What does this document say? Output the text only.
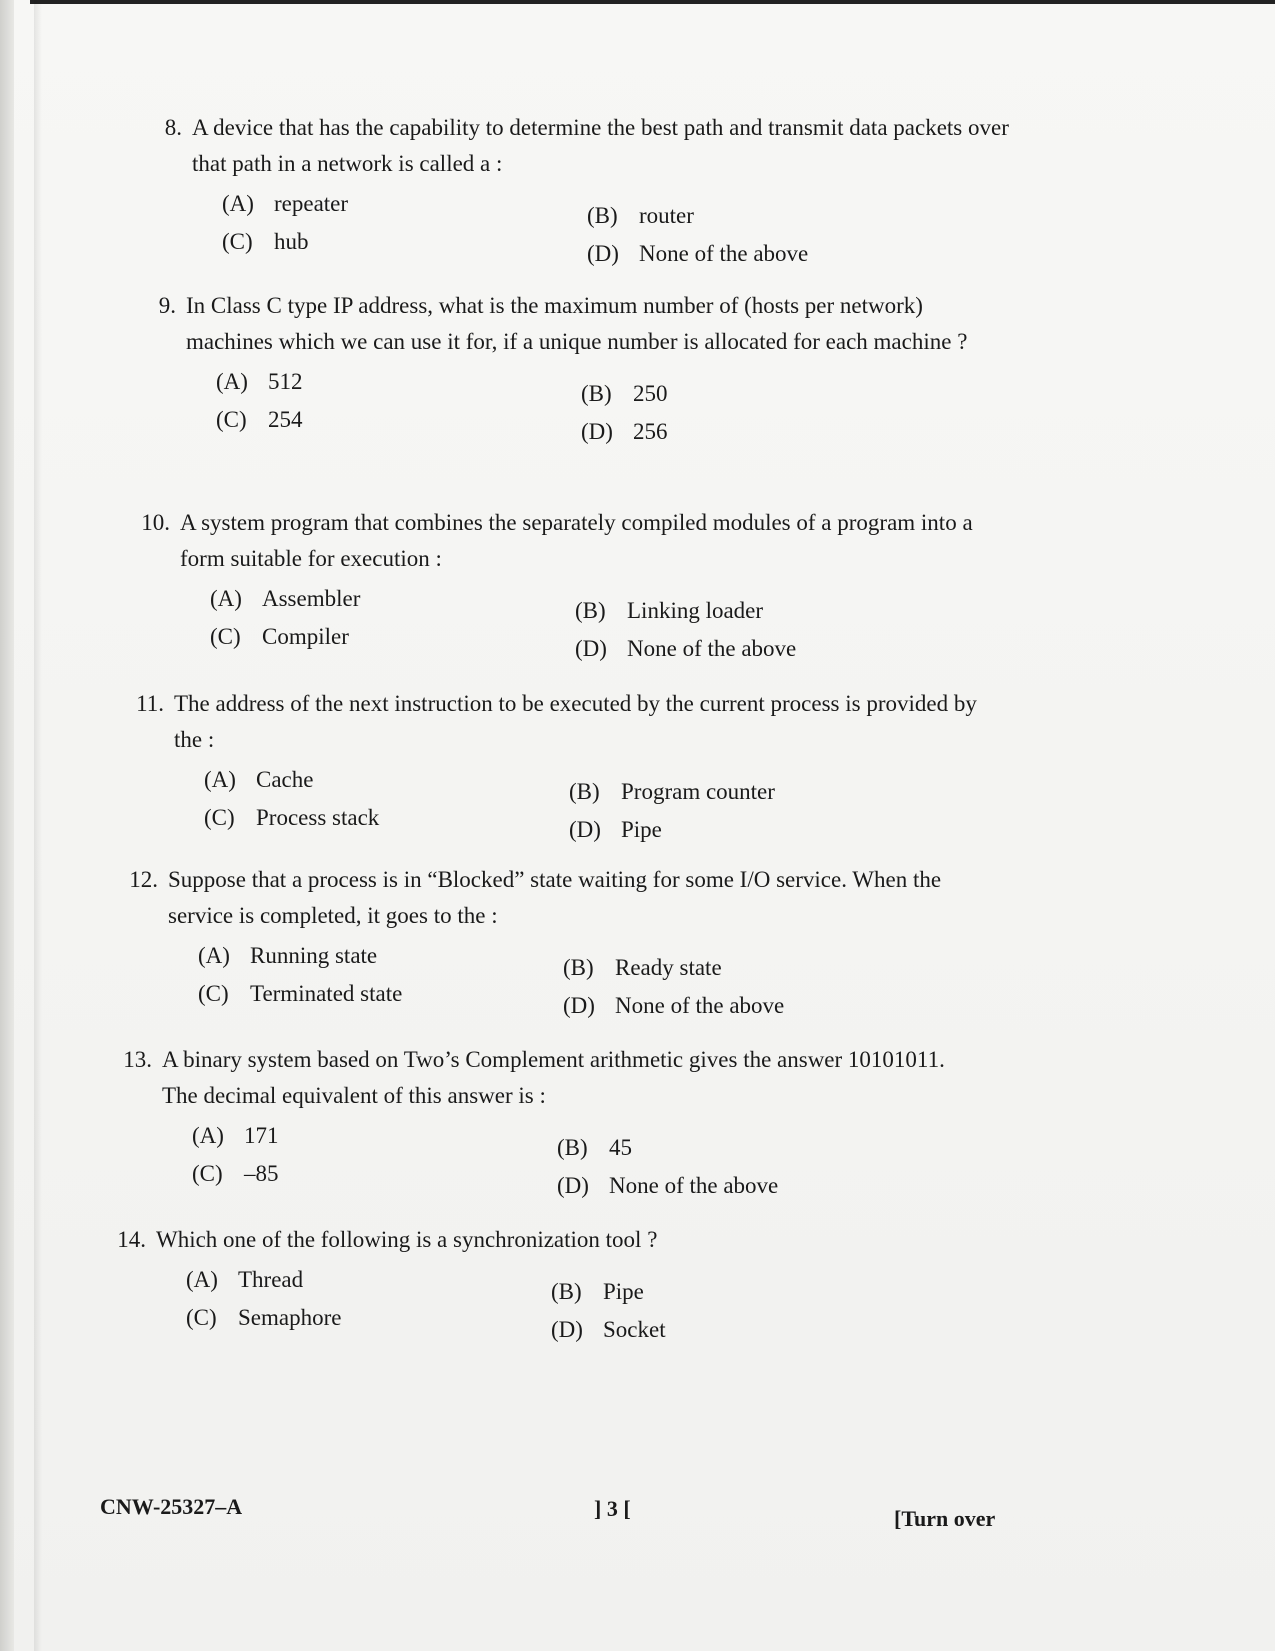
8. A device that has the capability to determine the best path and transmit data packets over that path in a network is called a :

(A) repeater
(C) hub
(B) router
(D) None of the above
9. In Class C type IP address, what is the maximum number of (hosts per network) machines which we can use it for, if a unique number is allocated for each machine ?

(A) 512
(C) 254
(B) 250
(D) 256
10. A system program that combines the separately compiled modules of a program into a form suitable for execution :

(A) Assembler
(C) Compiler
(B) Linking loader
(D) None of the above
11. The address of the next instruction to be executed by the current process is provided by the :

(A) Cache
(C) Process stack
(B) Program counter
(D) Pipe
12. Suppose that a process is in “Blocked” state waiting for some I/O service. When the service is completed, it goes to the :

(A) Running state
(C) Terminated state
(B) Ready state
(D) None of the above
13. A binary system based on Two’s Complement arithmetic gives the answer 10101011. The decimal equivalent of this answer is :

(A) 171
(C) –85
(B) 45
(D) None of the above
14. Which one of the following is a synchronization tool ?

(A) Thread
(C) Semaphore
(B) Pipe
(D) Socket
CNW-25327–A	] 3 [	[Turn over
